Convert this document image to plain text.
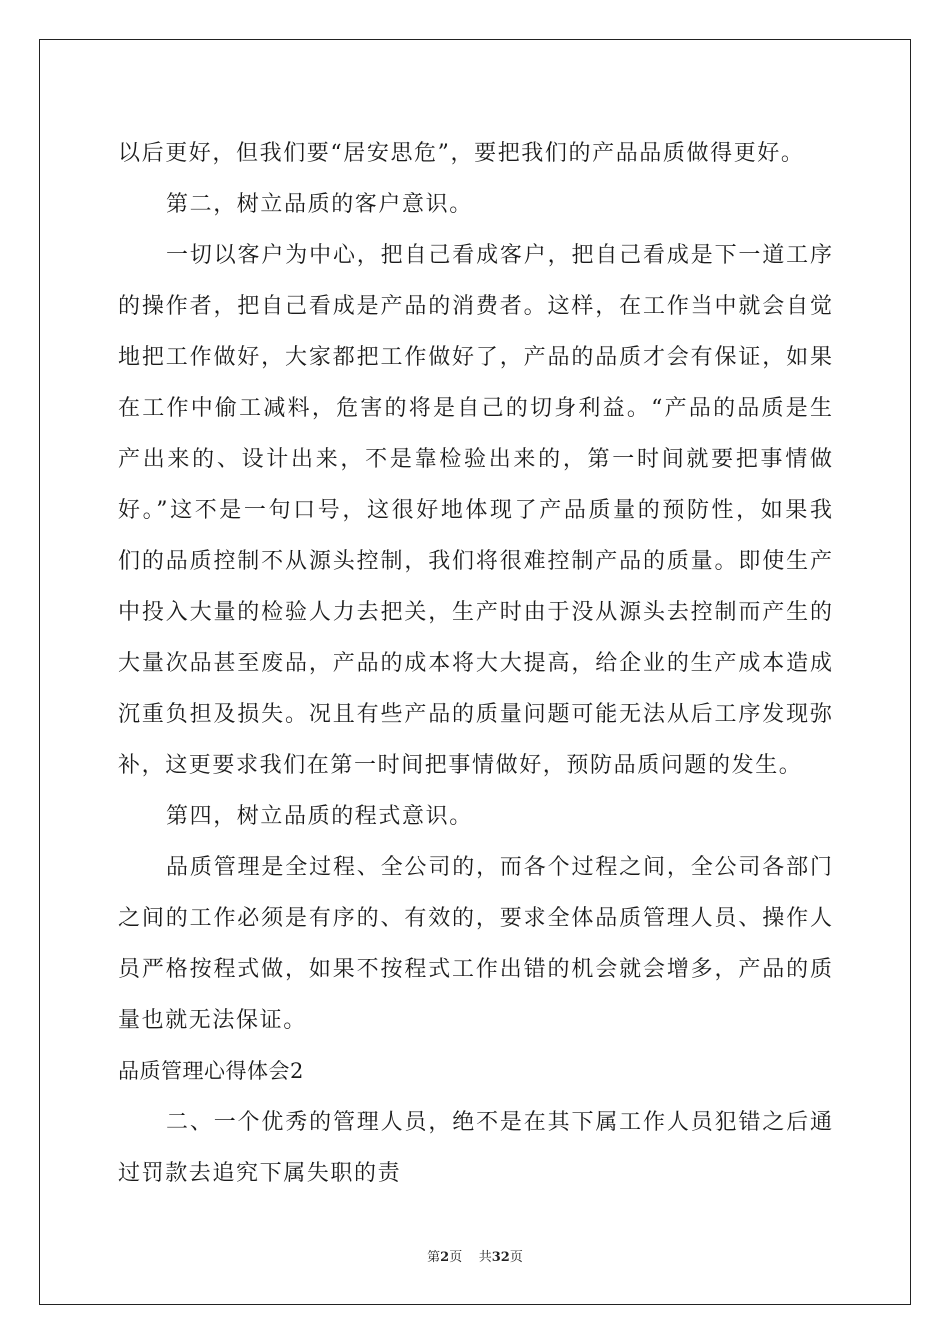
以后更好，但我们要“居安思危”，要把我们的产品品质做得更好。
第二，树立品质的客户意识。
一切以客户为中心，把自己看成客户，把自己看成是下一道工序
的操作者，把自己看成是产品的消费者。这样，在工作当中就会自觉
地把工作做好，大家都把工作做好了，产品的品质才会有保证，如果
在工作中偷工减料，危害的将是自己的切身利益。“产品的品质是生
产出来的、设计出来，不是靠检验出来的，第一时间就要把事情做
好。”这不是一句口号，这很好地体现了产品质量的预防性，如果我
们的品质控制不从源头控制，我们将很难控制产品的质量。即使生产
中投入大量的检验人力去把关，生产时由于没从源头去控制而产生的
大量次品甚至废品，产品的成本将大大提高，给企业的生产成本造成
沉重负担及损失。况且有些产品的质量问题可能无法从后工序发现弥
补，这更要求我们在第一时间把事情做好，预防品质问题的发生。
第四，树立品质的程式意识。
品质管理是全过程、全公司的，而各个过程之间，全公司各部门
之间的工作必须是有序的、有效的，要求全体品质管理人员、操作人
员严格按程式做，如果不按程式工作出错的机会就会增多，产品的质
量也就无法保证。
品质管理心得体会2
二、一个优秀的管理人员，绝不是在其下属工作人员犯错之后通
过罚款去追究下属失职的责
第2页    共32页
